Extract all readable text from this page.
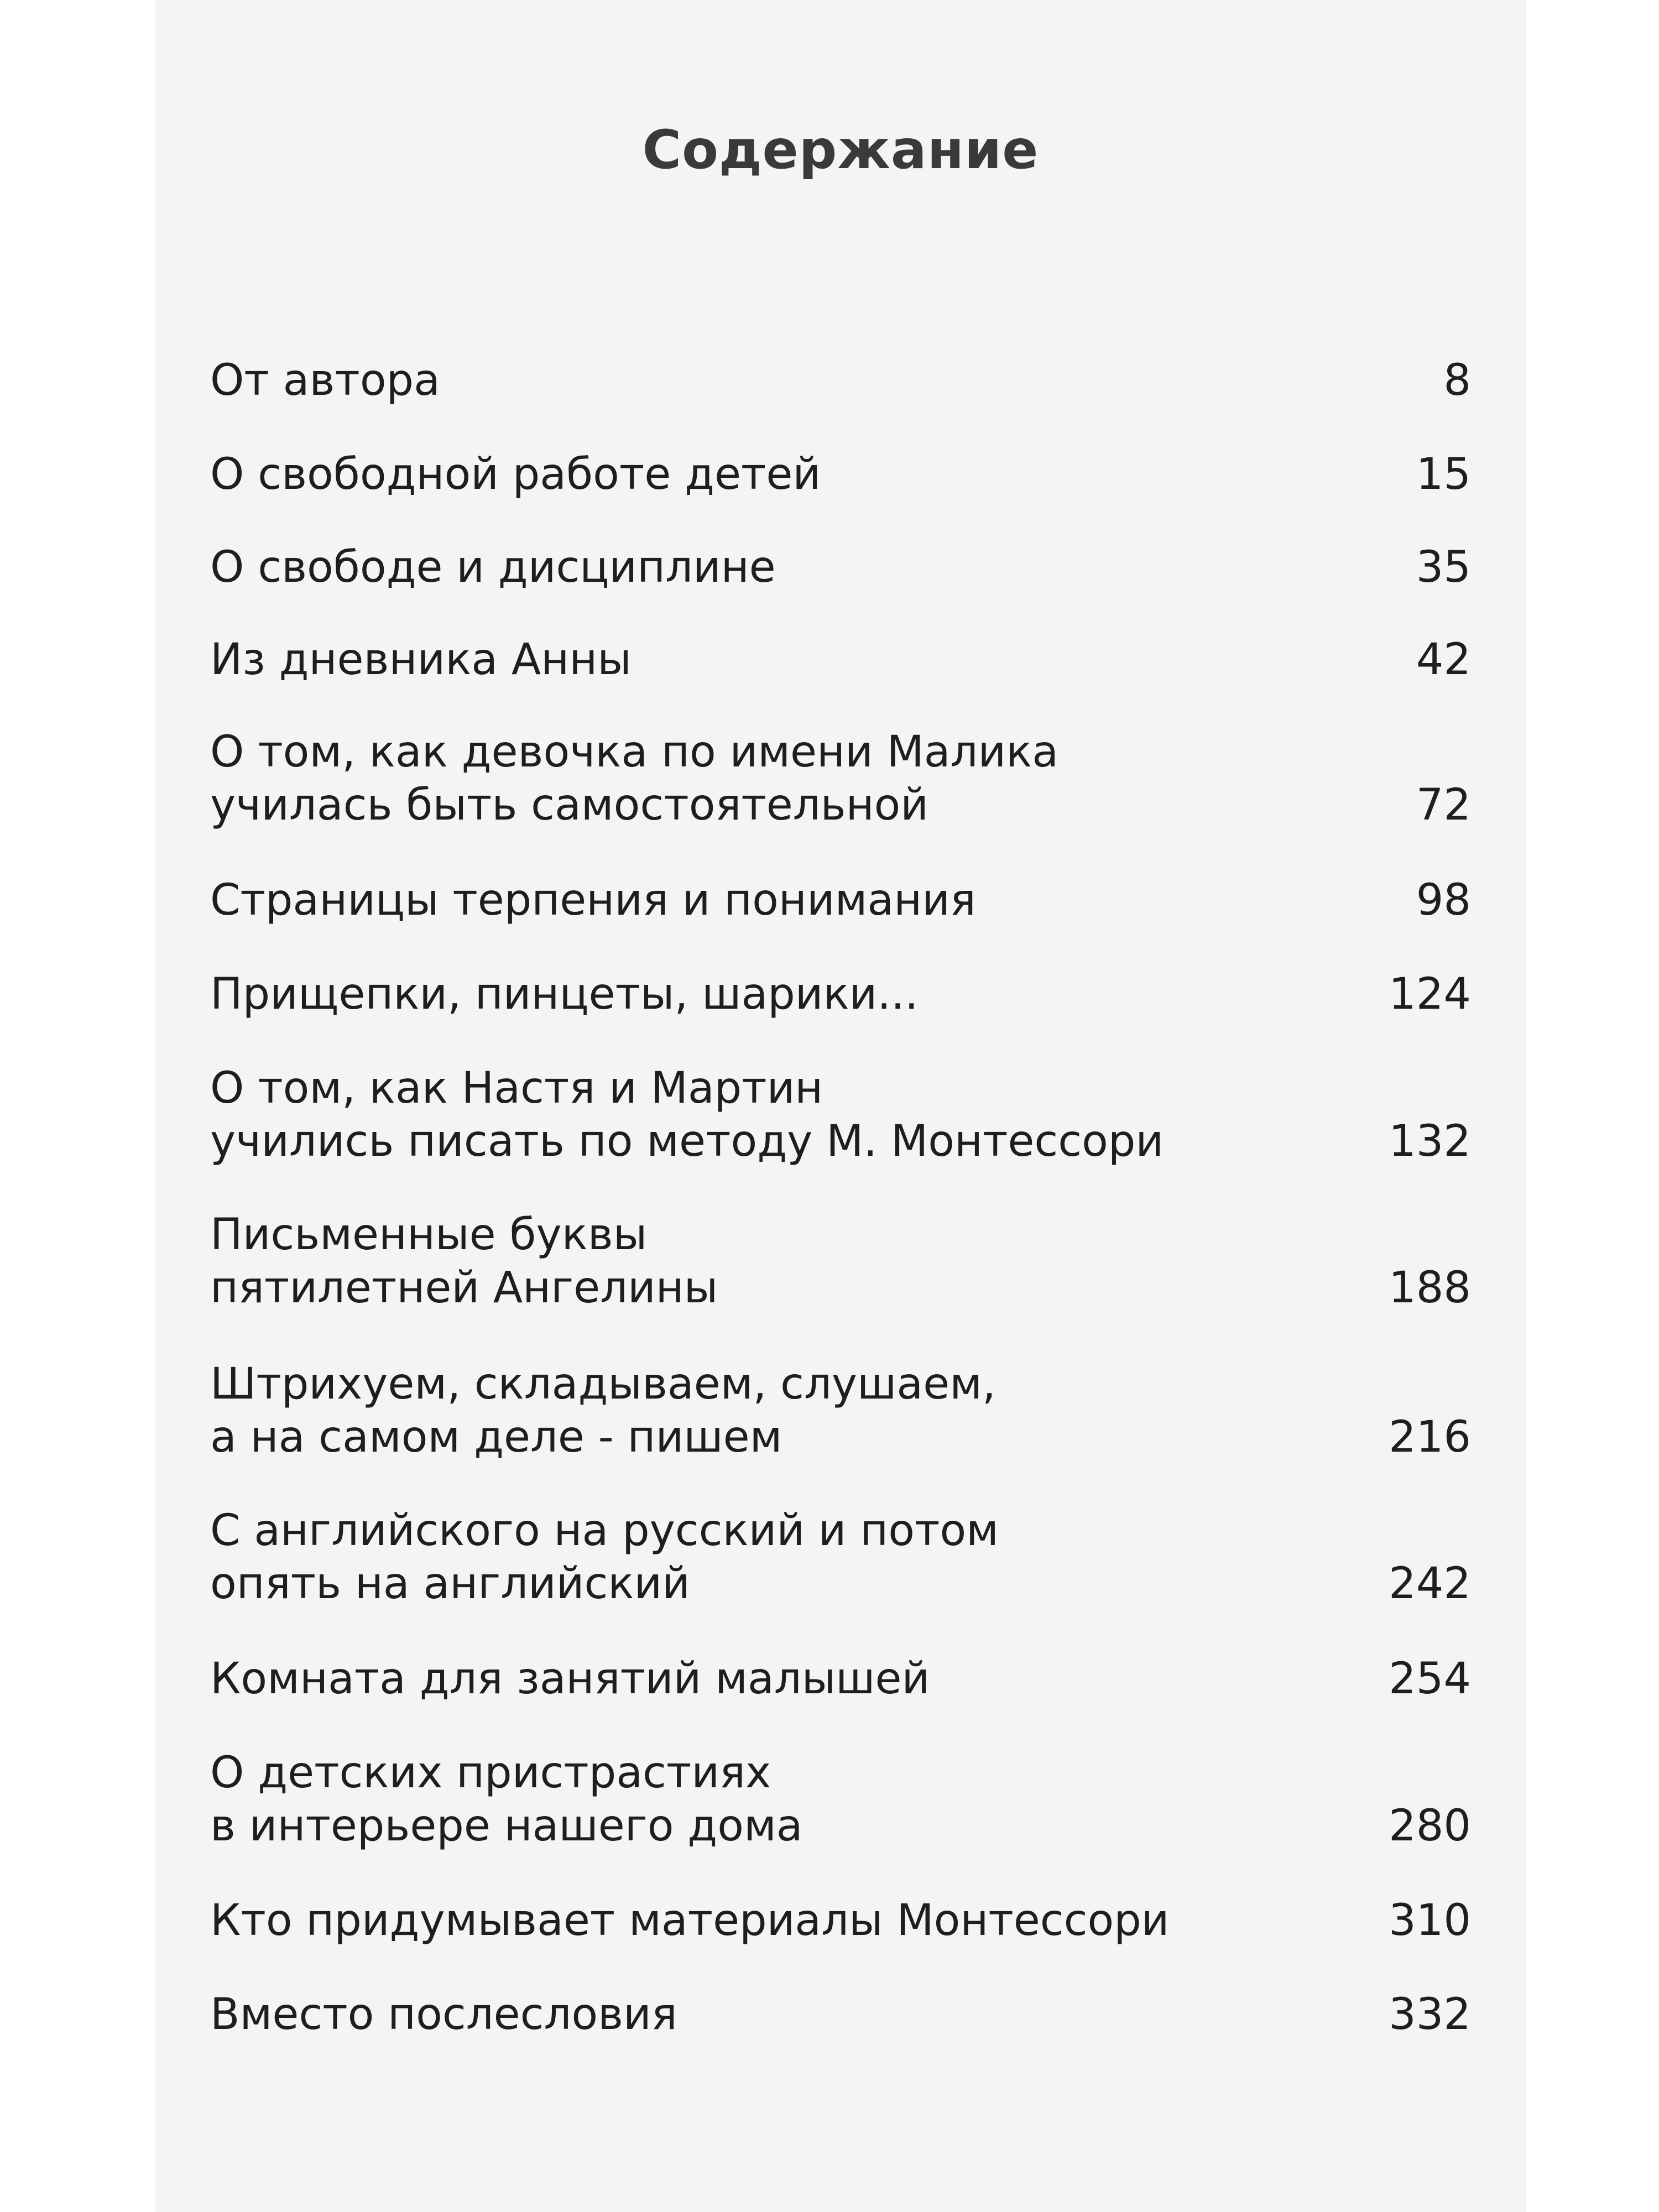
Содержание
От автора	8
О свободной работе детей	15
О свободе и дисциплине	35
Из дневника Анны	42
О том, как девочка по имени Малика
училась быть самостоятельной	72
Страницы терпения и понимания	98
Прищепки, пинцеты, шарики...	124
О том, как Настя и Мартин
учились писать по методу М. Монтессори	132
Письменные буквы
пятилетней Ангелины	188
Штрихуем, складываем, слушаем,
а на самом деле - пишем	216
С английского на русский и потом
опять на английский	242
Комната для занятий малышей	254
О детских пристрастиях
в интерьере нашего дома	280
Кто придумывает материалы Монтессори	310
Вместо послесловия	332
